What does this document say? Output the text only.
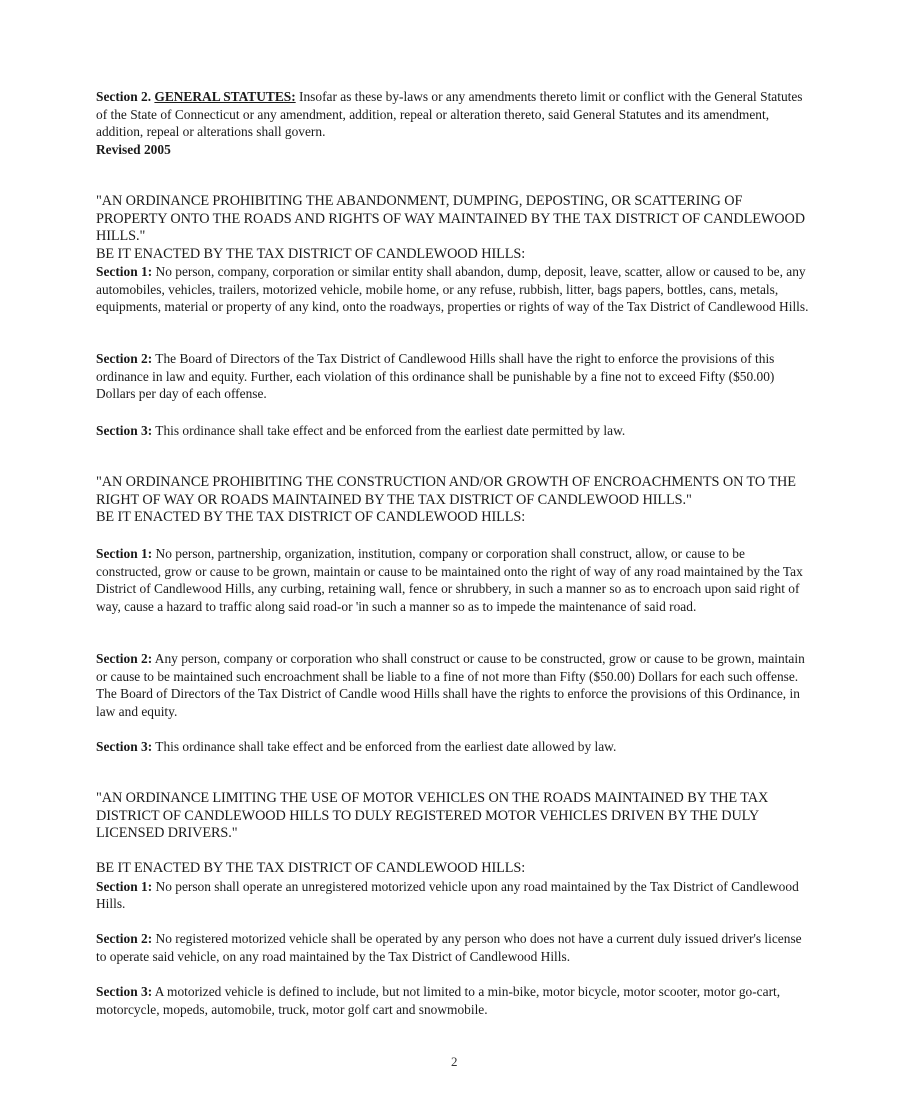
Section 2. GENERAL STATUTES: Insofar as these by-laws or any amendments thereto limit or conflict with the General Statutes of the State of Connecticut or any amendment, addition, repeal or alteration thereto, said General Statutes and its amendment, addition, repeal or alterations shall govern.

Revised 2005

"AN ORDINANCE PROHIBITING THE ABANDONMENT, DUMPING, DEPOSTING, OR SCATTERING OF PROPERTY ONTO THE ROADS AND RIGHTS OF WAY MAINTAINED BY THE TAX DISTRICT OF CANDLEWOOD HILLS."

BE IT ENACTED BY THE TAX DISTRICT OF CANDLEWOOD HILLS:

Section 1: No person, company, corporation or similar entity shall abandon, dump, deposit, leave, scatter, allow or caused to be, any automobiles, vehicles, trailers, motorized vehicle, mobile home, or any refuse, rubbish, litter, bags papers, bottles, cans, metals, equipments, material or property of any kind, onto the roadways, properties or rights of way of the Tax District of Candlewood Hills.

Section 2: The Board of Directors of the Tax District of Candlewood Hills shall have the right to enforce the provisions of this ordinance in law and equity. Further, each violation of this ordinance shall be punishable by a fine not to exceed Fifty ($50.00) Dollars per day of each offense.

Section 3: This ordinance shall take effect and be enforced from the earliest date permitted by law.

"AN ORDINANCE PROHIBITING THE CONSTRUCTION AND/OR GROWTH OF ENCROACHMENTS ON TO THE RIGHT OF WAY OR ROADS MAINTAINED BY THE TAX DISTRICT OF CANDLEWOOD HILLS."

BE IT ENACTED BY THE TAX DISTRICT OF CANDLEWOOD HILLS:

Section 1: No person, partnership, organization, institution, company or corporation shall construct, allow, or cause to be constructed, grow or cause to be grown, maintain or cause to be maintained onto the right of way of any road maintained by the Tax District of Candlewood Hills, any curbing, retaining wall, fence or shrubbery, in such a manner so as to encroach upon said right of way, cause a hazard to traffic along said road-or 'in such a manner so as to impede the maintenance of said road.

Section 2: Any person, company or corporation who shall construct or cause to be constructed, grow or cause to be grown, maintain or cause to be maintained such encroachment shall be liable to a fine of not more than Fifty ($50.00) Dollars for each such offense. The Board of Directors of the Tax District of Candle wood Hills shall have the rights to enforce the provisions of this Ordinance, in law and equity.

Section 3: This ordinance shall take effect and be enforced from the earliest date allowed by law.

"AN ORDINANCE LIMITING THE USE OF MOTOR VEHICLES ON THE ROADS MAINTAINED BY THE TAX DISTRICT OF CANDLEWOOD HILLS TO DULY REGISTERED MOTOR VEHICLES DRIVEN BY THE DULY LICENSED DRIVERS."

BE IT ENACTED BY THE TAX DISTRICT OF CANDLEWOOD HILLS:

Section 1: No person shall operate an unregistered motorized vehicle upon any road maintained by the Tax District of Candlewood Hills.

Section 2: No registered motorized vehicle shall be operated by any person who does not have a current duly issued driver's license to operate said vehicle, on any road maintained by the Tax District of Candlewood Hills.

Section 3: A motorized vehicle is defined to include, but not limited to a min-bike, motor bicycle, motor scooter, motor go-cart, motorcycle, mopeds, automobile, truck, motor golf cart and snowmobile.

2
